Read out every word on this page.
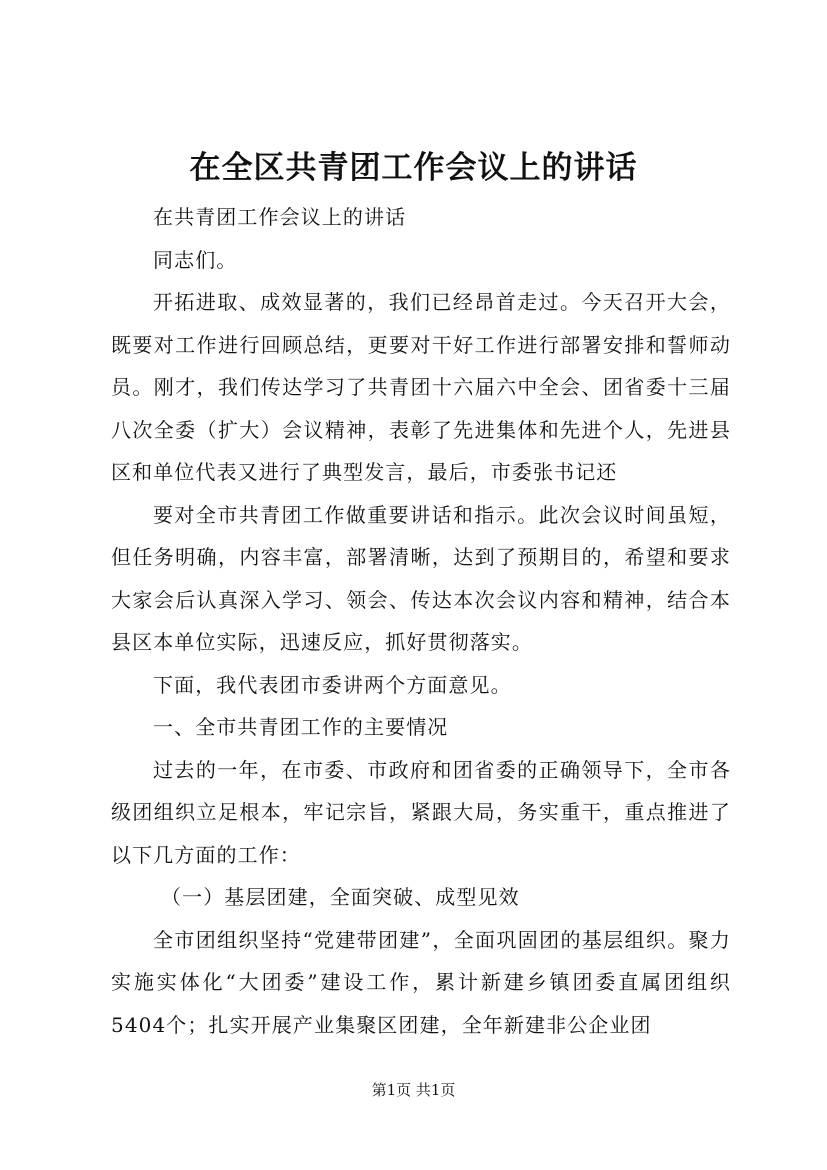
在全区共青团工作会议上的讲话

在共青团工作会议上的讲话

同志们。

开拓进取、成效显著的，我们已经昂首走过。今天召开大会，既要对工作进行回顾总结，更要对干好工作进行部署安排和誓师动员。刚才，我们传达学习了共青团十六届六中全会、团省委十三届八次全委（扩大）会议精神，表彰了先进集体和先进个人，先进县区和单位代表又进行了典型发言，最后，市委张书记还

要对全市共青团工作做重要讲话和指示。此次会议时间虽短，但任务明确，内容丰富，部署清晰，达到了预期目的，希望和要求大家会后认真深入学习、领会、传达本次会议内容和精神，结合本县区本单位实际，迅速反应，抓好贯彻落实。

下面，我代表团市委讲两个方面意见。

一、全市共青团工作的主要情况

过去的一年，在市委、市政府和团省委的正确领导下，全市各级团组织立足根本，牢记宗旨，紧跟大局，务实重干，重点推进了以下几方面的工作：

（一）基层团建，全面突破、成型见效

全市团组织坚持“党建带团建”，全面巩固团的基层组织。聚力实施实体化“大团委”建设工作，累计新建乡镇团委直属团组织5404个；扎实开展产业集聚区团建，全年新建非公企业团

第1页 共1页
